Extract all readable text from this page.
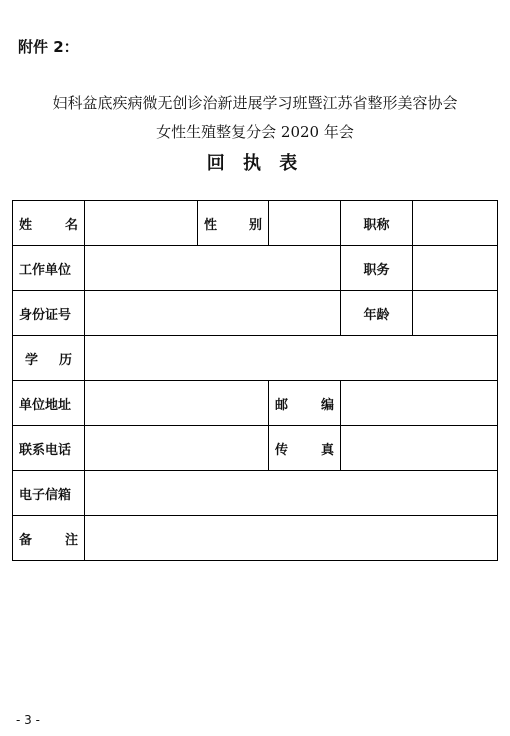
附件 2：
妇科盆底疾病微无创诊治新进展学习班暨江苏省整形美容协会
女性生殖整复分会 2020 年会
回 执 表
姓 名		性 别		职称	
工作单位				职务	
身份证号				年龄	

学 历					

单位地址			邮 编		

联系电话			传 真		

电子信箱					

备 注					

- 3 -
